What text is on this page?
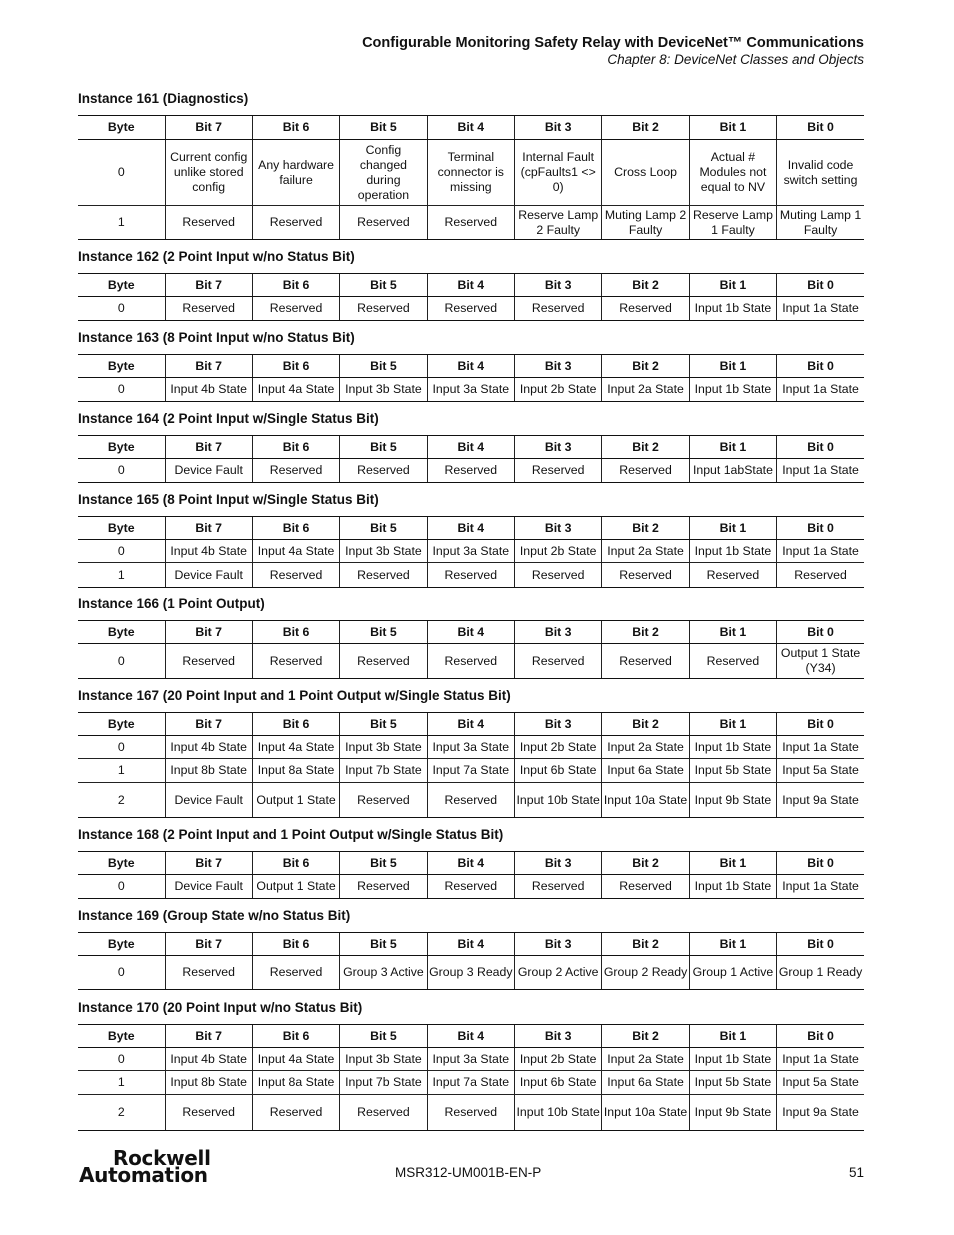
Configurable Monitoring Safety Relay with DeviceNet™ Communications
Chapter 8: DeviceNet Classes and Objects
Instance 161 (Diagnostics)
Byte	Bit 7	Bit 6	Bit 5	Bit 4	Bit 3	Bit 2	Bit 1	Bit 0
0	Current config unlike stored config	Any hardware failure	Config changed during operation	Terminal connector is missing	Internal Fault (cpFaults1 <> 0)	Cross Loop	Actual # Modules not equal to NV	Invalid code switch setting
1	Reserved	Reserved	Reserved	Reserved	Reserve Lamp 2 Faulty	Muting Lamp 2 Faulty	Reserve Lamp 1 Faulty	Muting Lamp 1 Faulty
Instance 162 (2 Point Input w/no Status Bit)
Byte	Bit 7	Bit 6	Bit 5	Bit 4	Bit 3	Bit 2	Bit 1	Bit 0
0	Reserved	Reserved	Reserved	Reserved	Reserved	Reserved	Input 1b State	Input 1a State
Instance 163 (8 Point Input w/no Status Bit)
Byte	Bit 7	Bit 6	Bit 5	Bit 4	Bit 3	Bit 2	Bit 1	Bit 0
0	Input 4b State	Input 4a State	Input 3b State	Input 3a State	Input 2b State	Input 2a State	Input 1b State	Input 1a State
Instance 164 (2 Point Input w/Single Status Bit)
Byte	Bit 7	Bit 6	Bit 5	Bit 4	Bit 3	Bit 2	Bit 1	Bit 0
0	Device Fault	Reserved	Reserved	Reserved	Reserved	Reserved	Input 1abState	Input 1a State
Instance 165 (8 Point Input w/Single Status Bit)
Byte	Bit 7	Bit 6	Bit 5	Bit 4	Bit 3	Bit 2	Bit 1	Bit 0
0	Input 4b State	Input 4a State	Input 3b State	Input 3a State	Input 2b State	Input 2a State	Input 1b State	Input 1a State
1	Device Fault	Reserved	Reserved	Reserved	Reserved	Reserved	Reserved	Reserved
Instance 166 (1 Point Output)
Byte	Bit 7	Bit 6	Bit 5	Bit 4	Bit 3	Bit 2	Bit 1	Bit 0
0	Reserved	Reserved	Reserved	Reserved	Reserved	Reserved	Reserved	Output 1 State (Y34)
Instance 167 (20 Point Input and 1 Point Output w/Single Status Bit)
Byte	Bit 7	Bit 6	Bit 5	Bit 4	Bit 3	Bit 2	Bit 1	Bit 0
0	Input 4b State	Input 4a State	Input 3b State	Input 3a State	Input 2b State	Input 2a State	Input 1b State	Input 1a State
1	Input 8b State	Input 8a State	Input 7b State	Input 7a State	Input 6b State	Input 6a State	Input 5b State	Input 5a State
2	Device Fault	Output 1 State	Reserved	Reserved	Input 10b State	Input 10a State	Input 9b State	Input 9a State
Instance 168 (2 Point Input and 1 Point Output w/Single Status Bit)
Byte	Bit 7	Bit 6	Bit 5	Bit 4	Bit 3	Bit 2	Bit 1	Bit 0
0	Device Fault	Output 1 State	Reserved	Reserved	Reserved	Reserved	Input 1b State	Input 1a State
Instance 169 (Group State w/no Status Bit)
Byte	Bit 7	Bit 6	Bit 5	Bit 4	Bit 3	Bit 2	Bit 1	Bit 0
0	Reserved	Reserved	Group 3 Active	Group 3 Ready	Group 2 Active	Group 2 Ready	Group 1 Active	Group 1 Ready
Instance 170 (20 Point Input w/no Status Bit)
Byte	Bit 7	Bit 6	Bit 5	Bit 4	Bit 3	Bit 2	Bit 1	Bit 0
0	Input 4b State	Input 4a State	Input 3b State	Input 3a State	Input 2b State	Input 2a State	Input 1b State	Input 1a State
1	Input 8b State	Input 8a State	Input 7b State	Input 7a State	Input 6b State	Input 6a State	Input 5b State	Input 5a State
2	Reserved	Reserved	Reserved	Reserved	Input 10b State	Input 10a State	Input 9b State	Input 9a State
Rockwell
Automation	MSR312-UM001B-EN-P	51
